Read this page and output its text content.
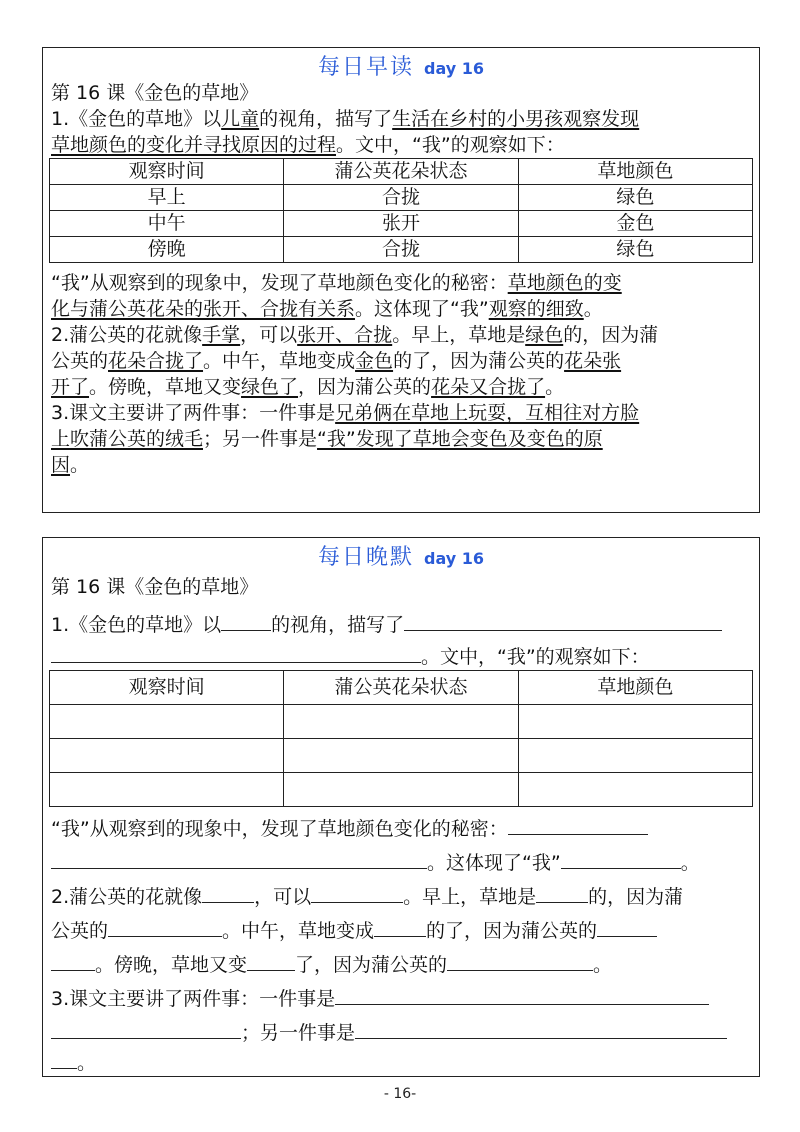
每日早读 day 16
第 16 课《金色的草地》
1.《金色的草地》以儿童的视角，描写了生活在乡村的小男孩观察发现
草地颜色的变化并寻找原因的过程。文中，“我”的观察如下：
观察时间	蒲公英花朵状态	草地颜色
早上	合拢	绿色
中午	张开	金色
傍晚	合拢	绿色
“我”从观察到的现象中，发现了草地颜色变化的秘密：草地颜色的变
化与蒲公英花朵的张开、合拢有关系。这体现了“我”观察的细致。
2.蒲公英的花就像手掌，可以张开、合拢。早上，草地是绿色的，因为蒲
公英的花朵合拢了。中午，草地变成金色的了，因为蒲公英的花朵张
开了。傍晚，草地又变绿色了，因为蒲公英的花朵又合拢了。
3.课文主要讲了两件事：一件事是兄弟俩在草地上玩耍，互相往对方脸
上吹蒲公英的绒毛；另一件事是“我”发现了草地会变色及变色的原
因。
每日晚默 day 16
第 16 课《金色的草地》
1.《金色的草地》以	的视角，描写了
。文中，“我”的观察如下：
观察时间	蒲公英花朵状态	草地颜色

“我”从观察到的现象中，发现了草地颜色变化的秘密：
。这体现了“我”	。
2.蒲公英的花就像	，可以	。早上，草地是	的，因为蒲
公英的	。中午，草地变成	的了，因为蒲公英的
。傍晚，草地又变	了，因为蒲公英的	。
3.课文主要讲了两件事：一件事是
；另一件事是
。
- 16-
